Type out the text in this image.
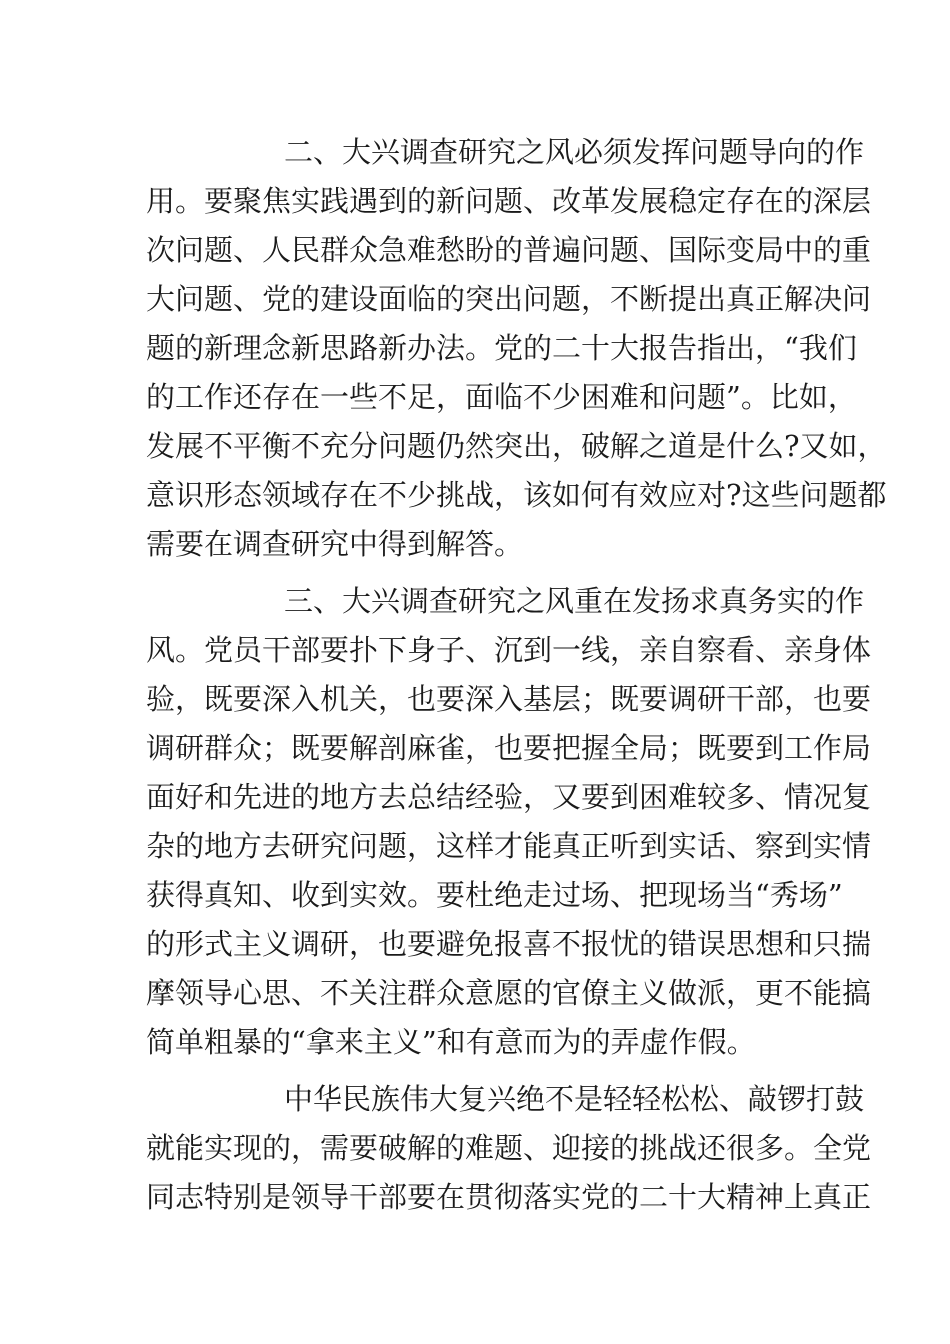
二、大兴调查研究之风必须发挥问题导向的作
用。要聚焦实践遇到的新问题、改革发展稳定存在的深层
次问题、人民群众急难愁盼的普遍问题、国际变局中的重
大问题、党的建设面临的突出问题，不断提出真正解决问
题的新理念新思路新办法。党的二十大报告指出，“我们
的工作还存在一些不足，面临不少困难和问题”。比如，
发展不平衡不充分问题仍然突出，破解之道是什么?又如，
意识形态领域存在不少挑战，该如何有效应对?这些问题都
需要在调查研究中得到解答。
三、大兴调查研究之风重在发扬求真务实的作
风。党员干部要扑下身子、沉到一线，亲自察看、亲身体
验，既要深入机关，也要深入基层；既要调研干部，也要
调研群众；既要解剖麻雀，也要把握全局；既要到工作局
面好和先进的地方去总结经验，又要到困难较多、情况复
杂的地方去研究问题，这样才能真正听到实话、察到实情
获得真知、收到实效。要杜绝走过场、把现场当“秀场”
的形式主义调研，也要避免报喜不报忧的错误思想和只揣
摩领导心思、不关注群众意愿的官僚主义做派，更不能搞
简单粗暴的“拿来主义”和有意而为的弄虚作假。
中华民族伟大复兴绝不是轻轻松松、敲锣打鼓
就能实现的，需要破解的难题、迎接的挑战还很多。全党
同志特别是领导干部要在贯彻落实党的二十大精神上真正
